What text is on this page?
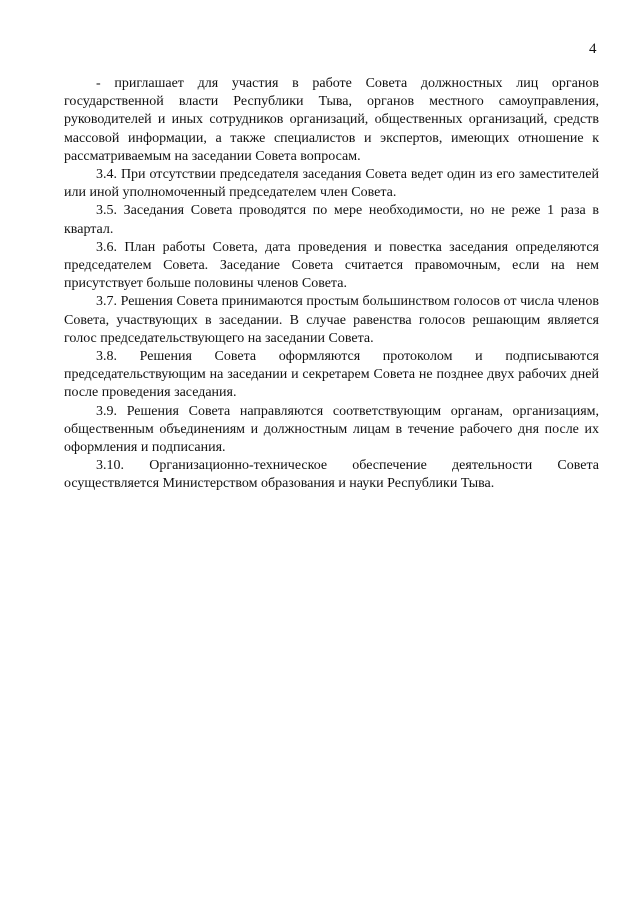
4

- приглашает для участия в работе Совета должностных лиц органов государственной власти Республики Тыва, органов местного самоуправления, руководителей и иных сотрудников организаций, общественных организаций, средств массовой информации, а также специалистов и экспертов, имеющих отношение к рассматриваемым на заседании Совета вопросам.

3.4. При отсутствии председателя заседания Совета ведет один из его заместителей или иной уполномоченный председателем член Совета.

3.5. Заседания Совета проводятся по мере необходимости, но не реже 1 раза в квартал.

3.6. План работы Совета, дата проведения и повестка заседания определяются председателем Совета. Заседание Совета считается правомочным, если на нем присутствует больше половины членов Совета.

3.7. Решения Совета принимаются простым большинством голосов от числа членов Совета, участвующих в заседании. В случае равенства голосов решающим является голос председательствующего на заседании Совета.

3.8. Решения Совета оформляются протоколом и подписываются председательствующим на заседании и секретарем Совета не позднее двух рабочих дней после проведения заседания.

3.9. Решения Совета направляются соответствующим органам, организациям, общественным объединениям и должностным лицам в течение рабочего дня после их оформления и подписания.

3.10. Организационно-техническое обеспечение деятельности Совета осуществляется Министерством образования и науки Республики Тыва.
